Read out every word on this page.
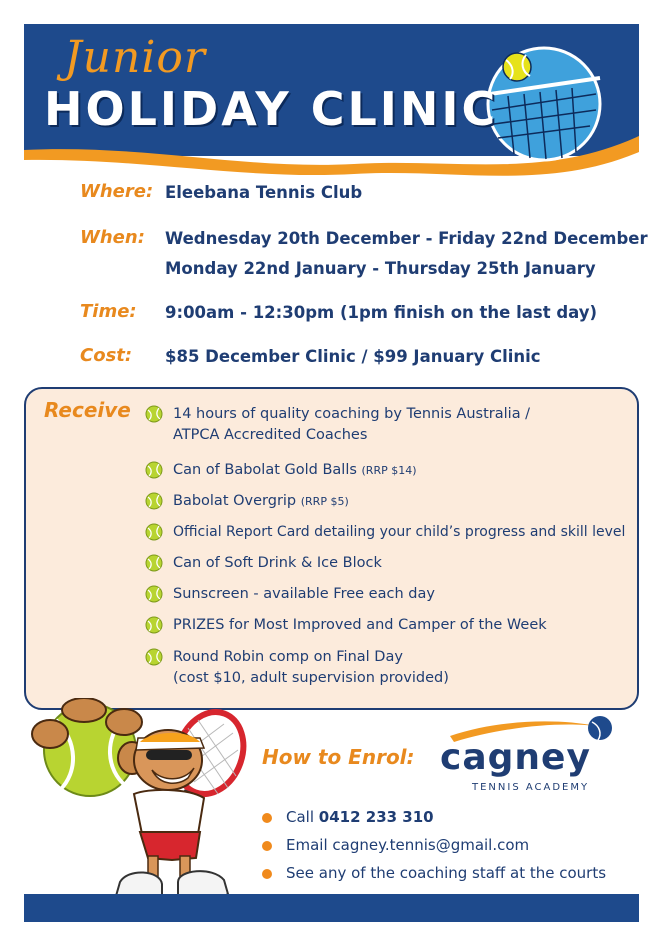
Junior
HOLIDAY CLINIC
Where: Eleebana Tennis Club
When: Wednesday 20th December - Friday 22nd December
Monday 22nd January - Thursday 25th January
Time: 9:00am - 12:30pm (1pm finish on the last day)
Cost: $85 December Clinic / $99 January Clinic
Receive	14 hours of quality coaching by Tennis Australia /
ATPCA Accredited Coaches
Can of Babolat Gold Balls (RRP $14)
Babolat Overgrip (RRP $5)
Official Report Card detailing your child’s progress and skill level
Can of Soft Drink & Ice Block
Sunscreen - available Free each day
PRIZES for Most Improved and Camper of the Week
Round Robin comp on Final Day
(cost $10, adult supervision provided)
How to Enrol: cagney
TENNIS ACADEMY
Call 0412 233 310
Email cagney.tennis@gmail.com
See any of the coaching staff at the courts
